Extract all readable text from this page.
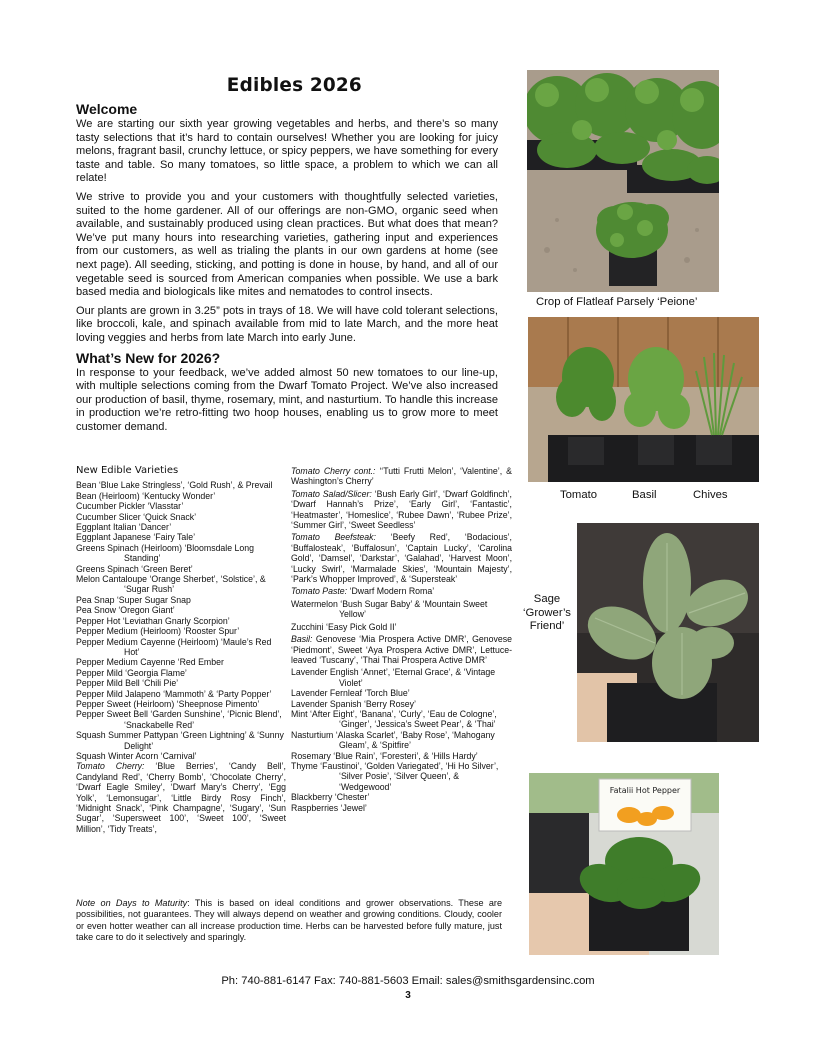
Edibles 2026
Welcome

We are starting our sixth year growing vegetables and herbs, and there’s so many tasty selections that it’s hard to contain ourselves! Whether you are looking for juicy melons, fragrant basil, crunchy lettuce, or spicy peppers, we have something for every taste and table. So many tomatoes, so little space, a problem to which we can all relate!

We strive to provide you and your customers with thoughtfully selected varieties, suited to the home gardener. All of our offerings are non-GMO, organic seed when available, and sustainably produced using clean practices. But what does that mean? We’ve put many hours into researching varieties, gathering input and experiences from our customers, as well as trialing the plants in our own gardens at home (see next page). All seeding, sticking, and potting is done in house, by hand, and all of our vegetable seed is sourced from American companies when possible. We use a bark based media and biologicals like mites and nematodes to control insects.

Our plants are grown in 3.25” pots in trays of 18. We will have cold tolerant selections, like broccoli, kale, and spinach available from mid to late March, and the more heat loving veggies and herbs from late March into early June.

What’s New for 2026?

In response to your feedback, we’ve added almost 50 new tomatoes to our line-up, with multiple selections coming from the Dwarf Tomato Project. We’ve also increased our production of basil, thyme, rosemary, mint, and nasturtium. To handle this increase in production we’re retro-fitting two hoop houses, enabling us to grow more to meet customer demand.

New Edible Varieties

Bean ‘Blue Lake Stringless’, ‘Gold Rush’, & Prevail

Bean (Heirloom) ‘Kentucky Wonder’

Cucumber Pickler ‘Vlasstar’

Cucumber Slicer ‘Quick Snack’

Eggplant Italian ‘Dancer’

Eggplant Japanese ‘Fairy Tale’

Greens Spinach (Heirloom) ‘Bloomsdale Long Standing’

Greens Spinach ‘Green Beret’

Melon Cantaloupe ‘Orange Sherbet’, ‘Solstice’, & ‘Sugar Rush’

Pea Snap ‘Super Sugar Snap

Pea Snow ‘Oregon Giant’

Pepper Hot ‘Leviathan Gnarly Scorpion’

Pepper Medium (Heirloom) ‘Rooster Spur’

Pepper Medium Cayenne (Heirloom) ‘Maule’s Red Hot’

Pepper Medium Cayenne ‘Red Ember

Pepper Mild ‘Georgia Flame’

Pepper Mild Bell ‘Chili Pie’

Pepper Mild Jalapeno ‘Mammoth’ & ‘Party Popper’

Pepper Sweet (Heirloom) ‘Sheepnose Pimento’

Pepper Sweet Bell ‘Garden Sunshine’, ‘Picnic Blend’, ‘Snackabelle Red’

Squash Summer Pattypan ‘Green Lightning’ & ‘Sunny Delight’

Squash Winter Acorn ‘Carnival’

Tomato Cherry: ‘Blue Berries’, ‘Candy Bell’, Candyland Red’, ‘Cherry Bomb’, ‘Chocolate Cherry’, ‘Dwarf Eagle Smiley’, ‘Dwarf Mary’s Cherry’, ‘Egg Yolk’, ‘Lemonsugar’, ‘Little Birdy Rosy Finch’, ‘Midnight Snack’, ‘Pink Champagne’, ‘Sugary’, ‘Sun Sugar’, ‘Supersweet 100’, ‘Sweet 100’, ‘Sweet Million’, ‘Tidy Treats’,

Tomato Cherry cont.: ‘‘Tutti Frutti Melon’, ‘Valentine’, & Washington’s Cherry’

Tomato Salad/Slicer: ‘Bush Early Girl’, ‘Dwarf Goldfinch’, ‘Dwarf Hannah’s Prize’, ‘Early Girl’, ‘Fantastic’, ‘Heatmaster’, ‘Homeslice’, ‘Rubee Dawn’, ‘Rubee Prize’, ‘Summer Girl’, ‘Sweet Seedless’

Tomato Beefsteak: ‘Beefy Red’, ‘Bodacious’, ‘Buffalosteak’, ‘Buffalosun’, ‘Captain Lucky’, ‘Carolina Gold’, ‘Damsel’, ‘Darkstar’, ‘Galahad’, ‘Harvest Moon’, ‘Lucky Swirl’, ‘Marmalade Skies’, ‘Mountain Majesty’, ‘Park’s Whopper Improved’, & ‘Supersteak’

Tomato Paste: ‘Dwarf Modern Roma’

Watermelon ‘Bush Sugar Baby’ & ‘Mountain Sweet Yellow’

Zucchini ‘Easy Pick Gold II’

Basil: Genovese ‘Mia Prospera Active DMR’, Genovese ‘Piedmont’, Sweet ‘Aya Prospera Active DMR’, Lettuce-leaved ‘Tuscany’, ‘Thai Thai Prospera Active DMR’

Lavender English ‘Annet’, ‘Eternal Grace’, & ‘Vintage Violet’

Lavender Fernleaf ‘Torch Blue’

Lavender Spanish ‘Berry Rosey’

Mint ‘After Eight’, ‘Banana’, ‘Curly’, ‘Eau de Cologne’, ‘Ginger’, ‘Jessica’s Sweet Pear’, & ‘Thai’

Nasturtium ‘Alaska Scarlet’, ‘Baby Rose’, ‘Mahogany Gleam’, & ‘Spitfire’

Rosemary ‘Blue Rain’, ‘Foresteri’, & ‘Hills Hardy’

Thyme ‘Faustinoi’, ‘Golden Variegated’, ‘Hi Ho Silver’, ‘Silver Posie’, ‘Silver Queen’, & ‘Wedgewood’

Blackberry ‘Chester’

Raspberries ‘Jewel’

Note on Days to Maturity: This is based on ideal conditions and grower observations. These are possibilities, not guarantees. They will always depend on weather and growing conditions. Cloudy, cooler or even hotter weather can all increase production time. Herbs can be harvested before fully mature, just take care to do it selectively and sparingly.
Ph: 740-881-6147 Fax: 740-881-5603 Email: sales@smithsgardensinc.com
3
Crop of Flatleaf Parsely ‘Peione’
Tomato	Basil	Chives
Sage
‘Grower’s
Friend’
Fatalii Hot Pepper
